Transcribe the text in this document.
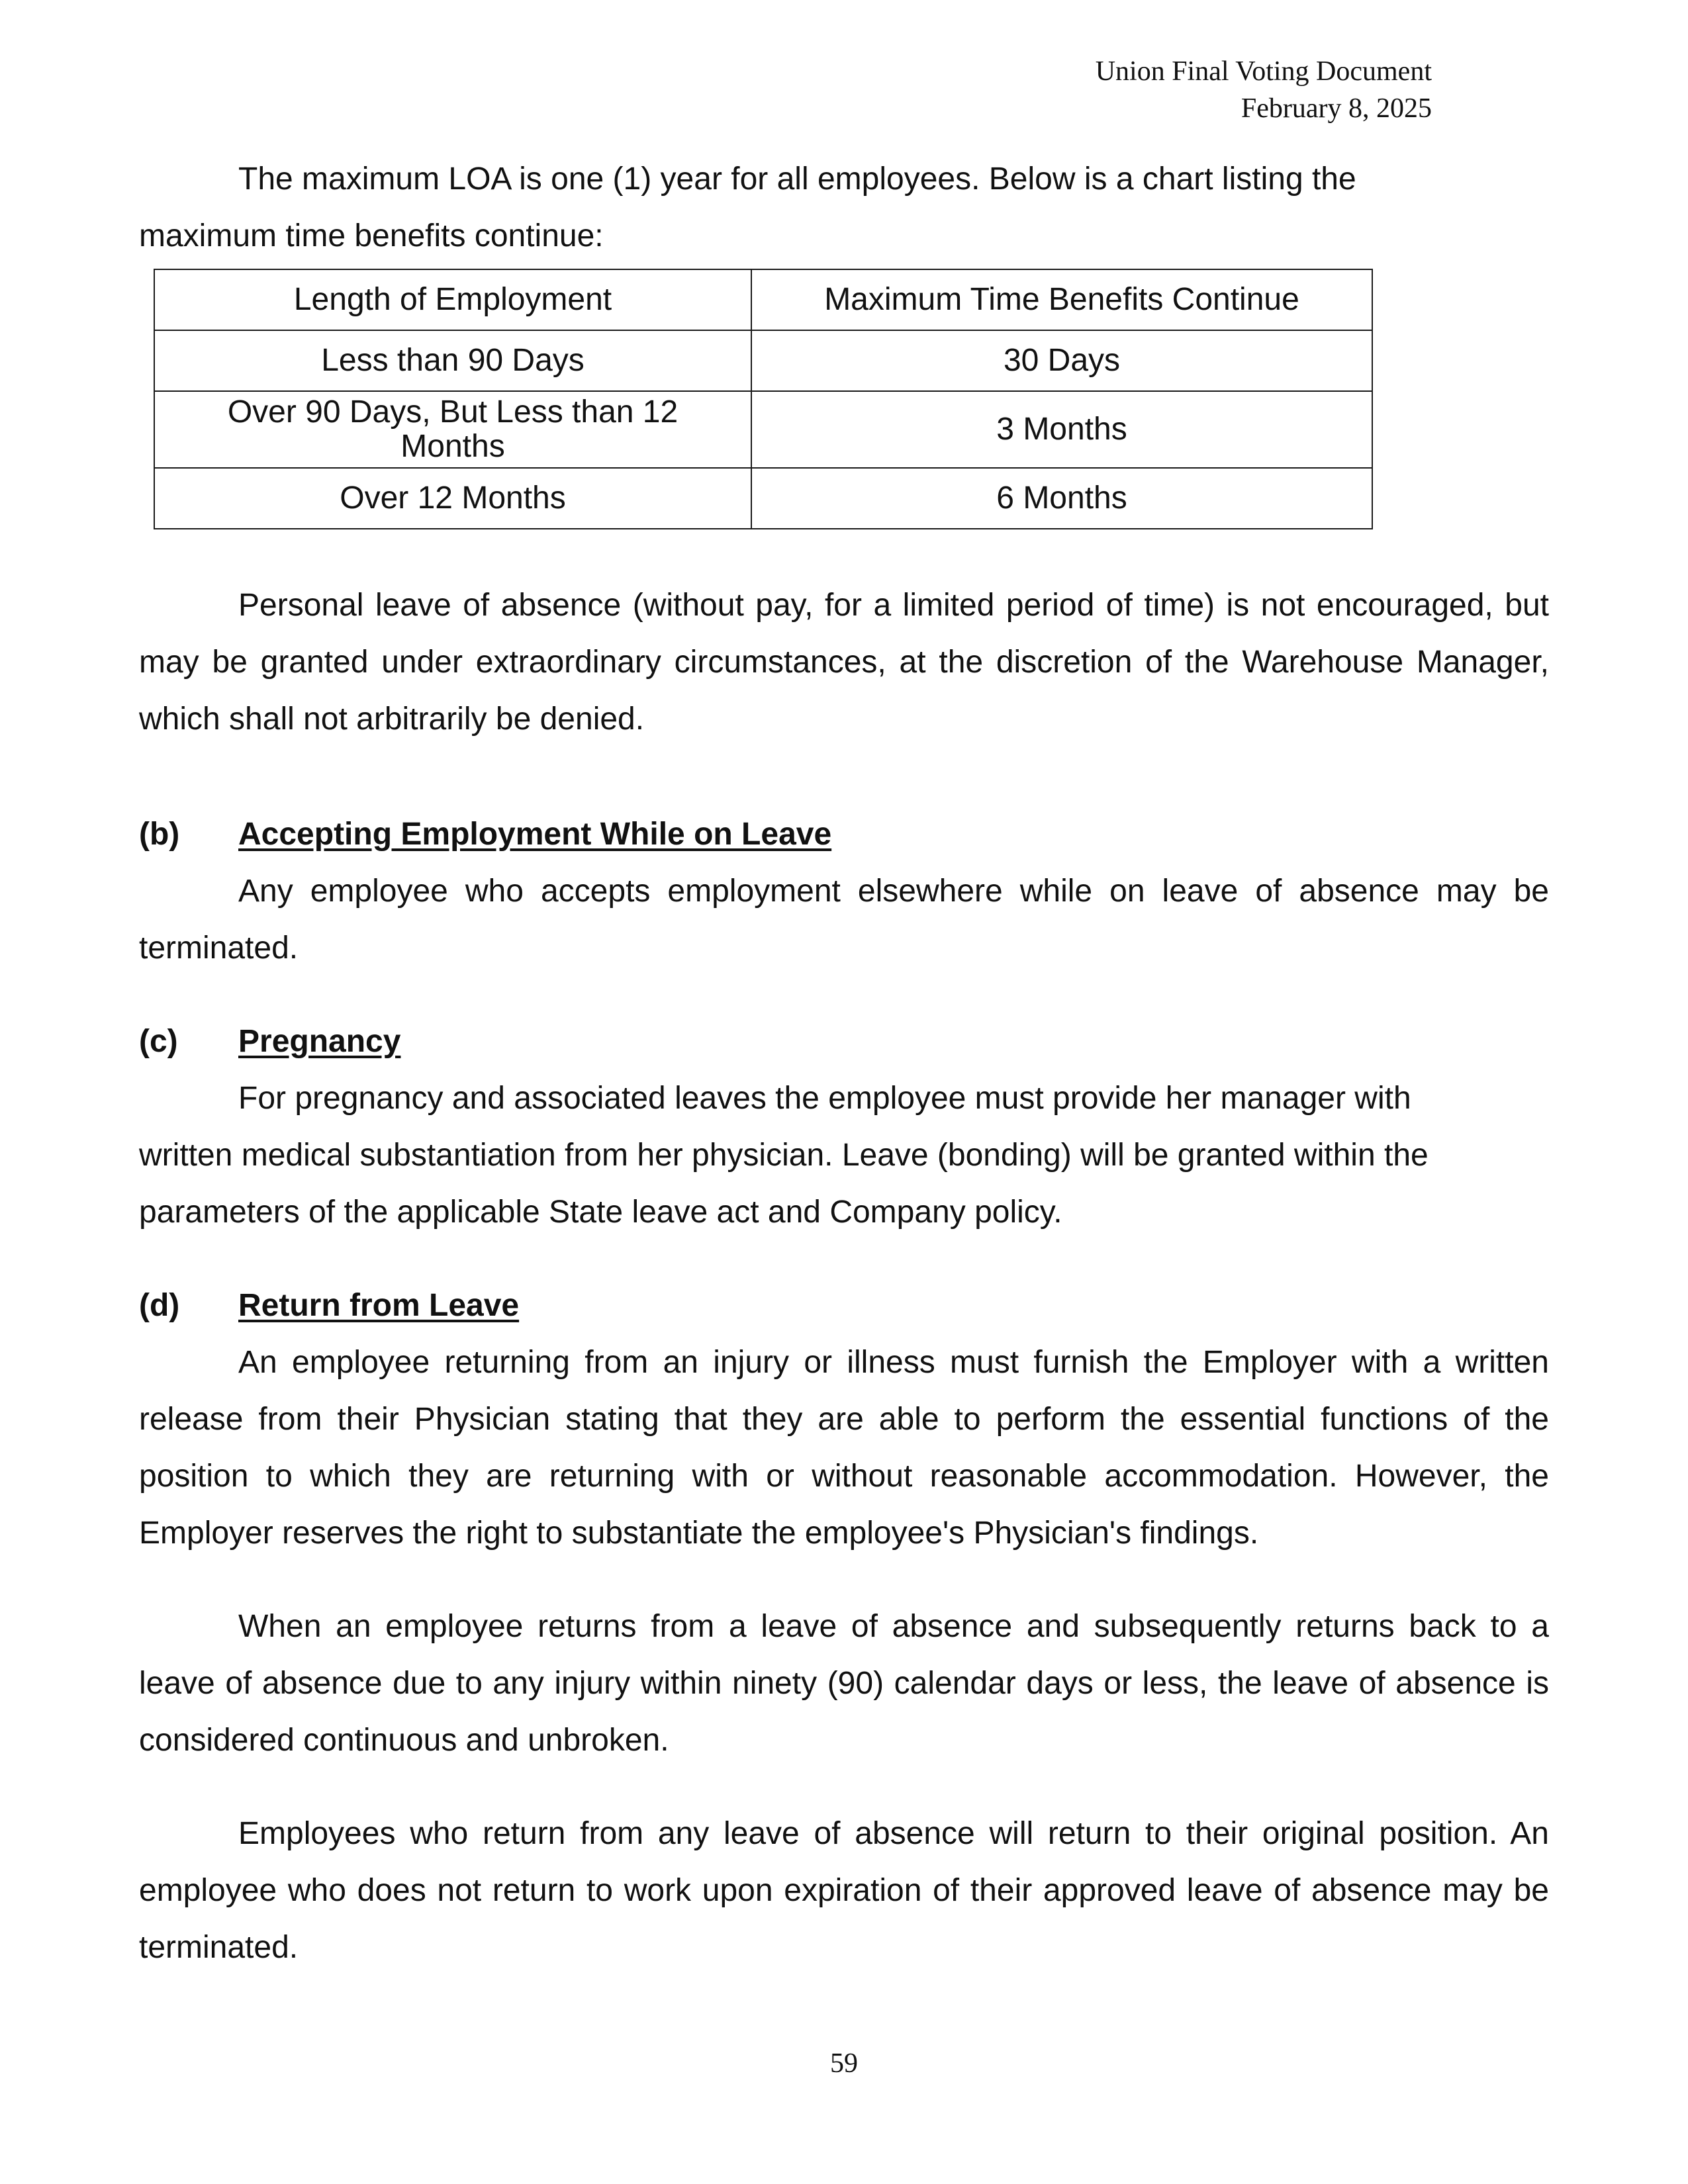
Union Final Voting Document
February 8, 2025

The maximum LOA is one (1) year for all employees. Below is a chart listing the maximum time benefits continue:

Length of Employment	Maximum Time Benefits Continue
Less than 90 Days	30 Days

Over 90 Days, But Less than 12 Months	3 Months
Over 12 Months	6 Months

Personal leave of absence (without pay, for a limited period of time) is not encouraged, but may be granted under extraordinary circumstances, at the discretion of the Warehouse Manager, which shall not arbitrarily be denied.

(b)	Accepting Employment While on Leave

Any employee who accepts employment elsewhere while on leave of absence may be terminated.

(c)	Pregnancy

For pregnancy and associated leaves the employee must provide her manager with written medical substantiation from her physician. Leave (bonding) will be granted within the parameters of the applicable State leave act and Company policy.

(d)	Return from Leave

An employee returning from an injury or illness must furnish the Employer with a written release from their Physician stating that they are able to perform the essential functions of the position to which they are returning with or without reasonable accommodation. However, the Employer reserves the right to substantiate the employee's Physician's findings.

When an employee returns from a leave of absence and subsequently returns back to a leave of absence due to any injury within ninety (90) calendar days or less, the leave of absence is considered continuous and unbroken.

Employees who return from any leave of absence will return to their original position. An employee who does not return to work upon expiration of their approved leave of absence may be terminated.

59
